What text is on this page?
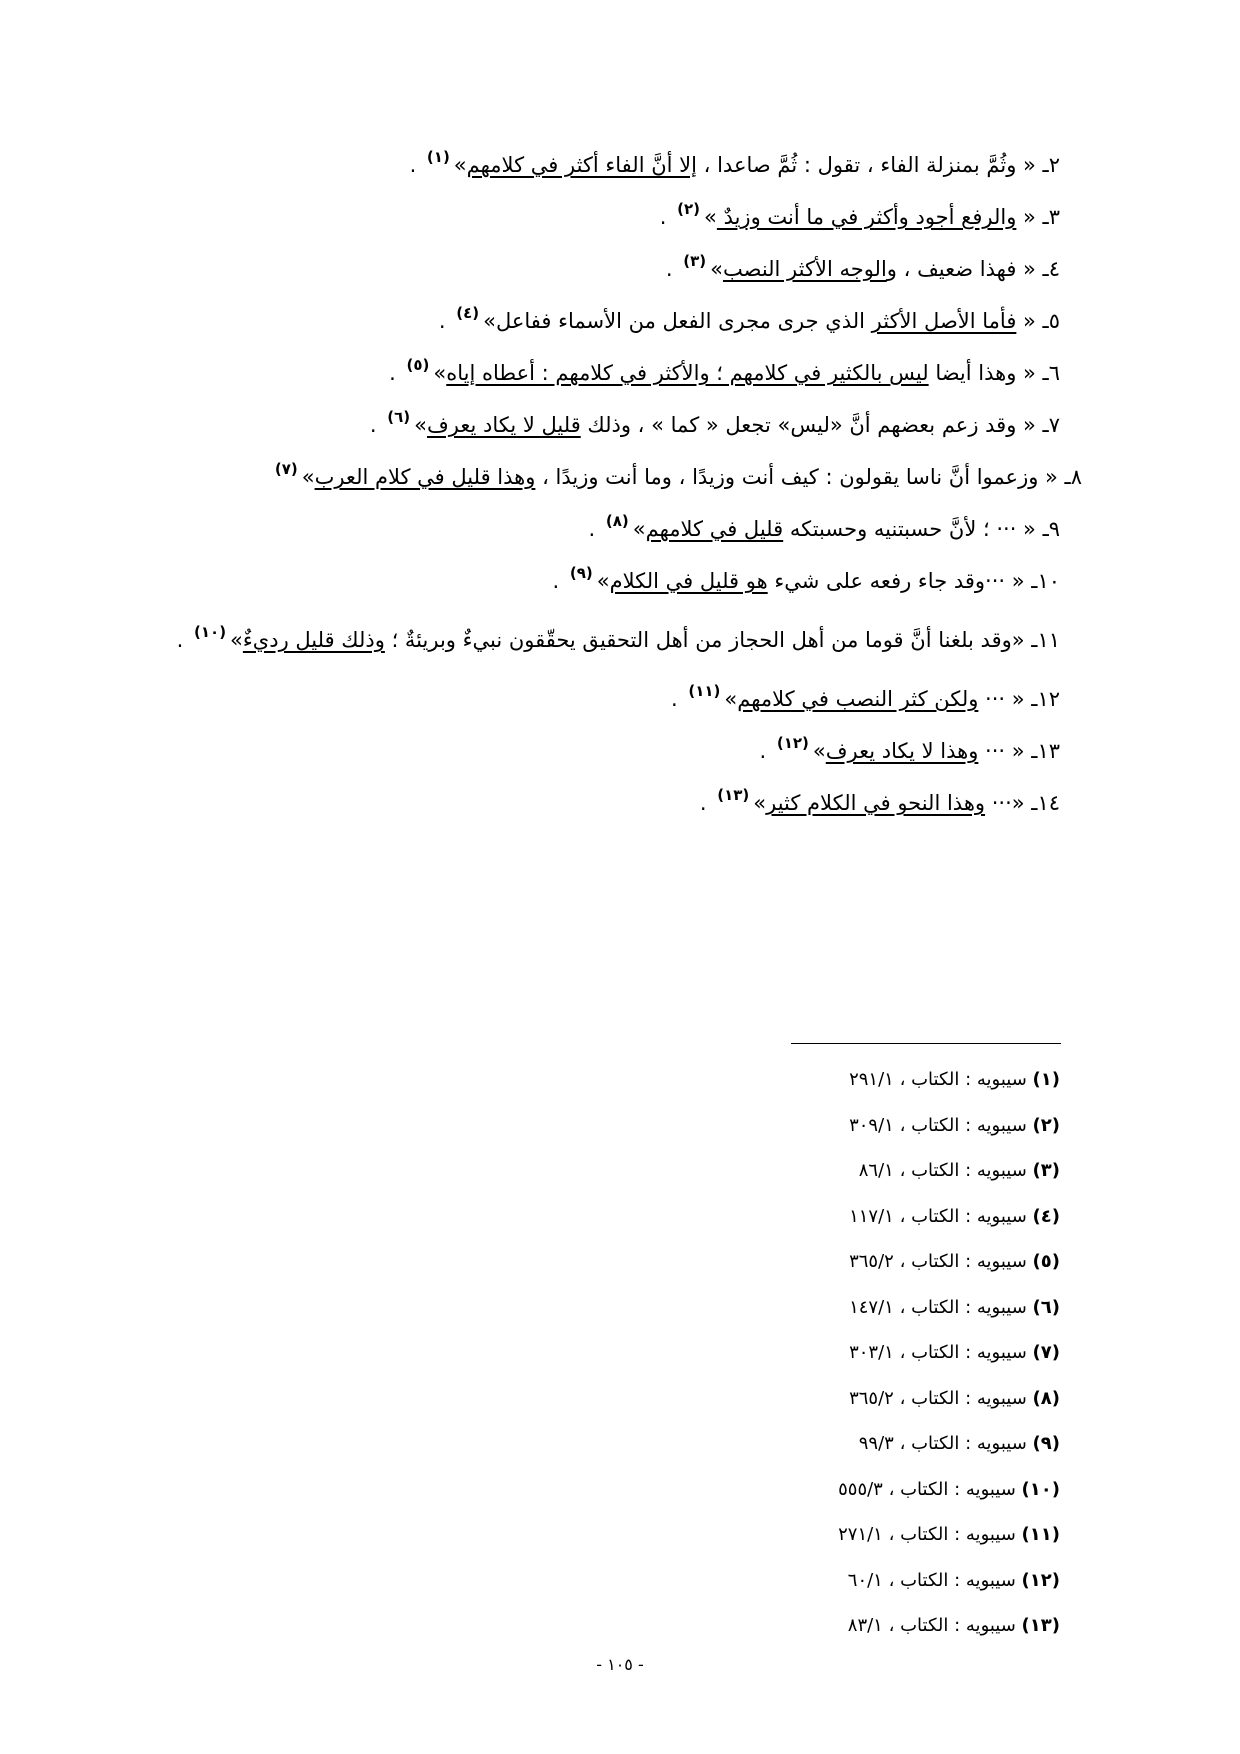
٢ـ « وثُمَّ بمنزلة الفاء ، تقول : ثُمَّ صاعدا ، إلا أنَّ الفاء أكثر في كلامهم»$^{(١)}$ .
٣ـ « والرفع أجود وأكثر في ما أنت وزيدٌ »$^{(٢)}$ .
٤ـ « فهذا ضعيف ، والوجه الأكثر النصب»$^{(٣)}$ .
٥ـ « فأما الأصل الأكثر الذي جرى مجرى الفعل من الأسماء ففاعل»$^{(٤)}$ .
٦ـ « وهذا أيضا ليس بالكثير في كلامهم ؛ والأكثر في كلامهم : أعطاه إياه»$^{(٥)}$ .
٧ـ « وقد زعم بعضهم أنَّ «ليس» تجعل « كما » ، وذلك قليل لا يكاد يعرف»$^{(٦)}$ .
٨ـ « وزعموا أنَّ ناسا يقولون : كيف أنت وزيدًا ، وما أنت وزيدًا ، وهذا قليل في كلام العرب»$^{(٧)}$
٩ـ « ··· ؛ لأنَّ حسبتنيه وحسبتكه قليل في كلامهم»$^{(٨)}$ .
١٠ـ « ···وقد جاء رفعه على شيء هو قليل في الكلام»$^{(٩)}$ .
١١ـ «وقد بلغنا أنَّ قوما من أهل الحجاز من أهل التحقيق يحقّقون نبيءٌ وبريئةٌ ؛ وذلك قليل رديءٌ»$^{(١٠)}$ .
١٢ـ « ··· ولكن كثر النصب في كلامهم»$^{(١١)}$ .
١٣ـ « ··· وهذا لا يكاد يعرف»$^{(١٢)}$ .
١٤ـ «··· وهذا النحو في الكلام كثير»$^{(١٣)}$ .
(١) سيبويه : الكتاب ، ٢٩١/١
(٢) سيبويه : الكتاب ، ٣٠٩/١
(٣) سيبويه : الكتاب ، ٨٦/١
(٤) سيبويه : الكتاب ، ١١٧/١
(٥) سيبويه : الكتاب ، ٣٦٥/٢
(٦) سيبويه : الكتاب ، ١٤٧/١
(٧) سيبويه : الكتاب ، ٣٠٣/١
(٨) سيبويه : الكتاب ، ٣٦٥/٢
(٩) سيبويه : الكتاب ، ٩٩/٣
(١٠) سيبويه : الكتاب ، ٥٥٥/٣
(١١) سيبويه : الكتاب ، ٢٧١/١
(١٢) سيبويه : الكتاب ، ٦٠/١
(١٣) سيبويه : الكتاب ، ٨٣/١
- ١٠٥ -
